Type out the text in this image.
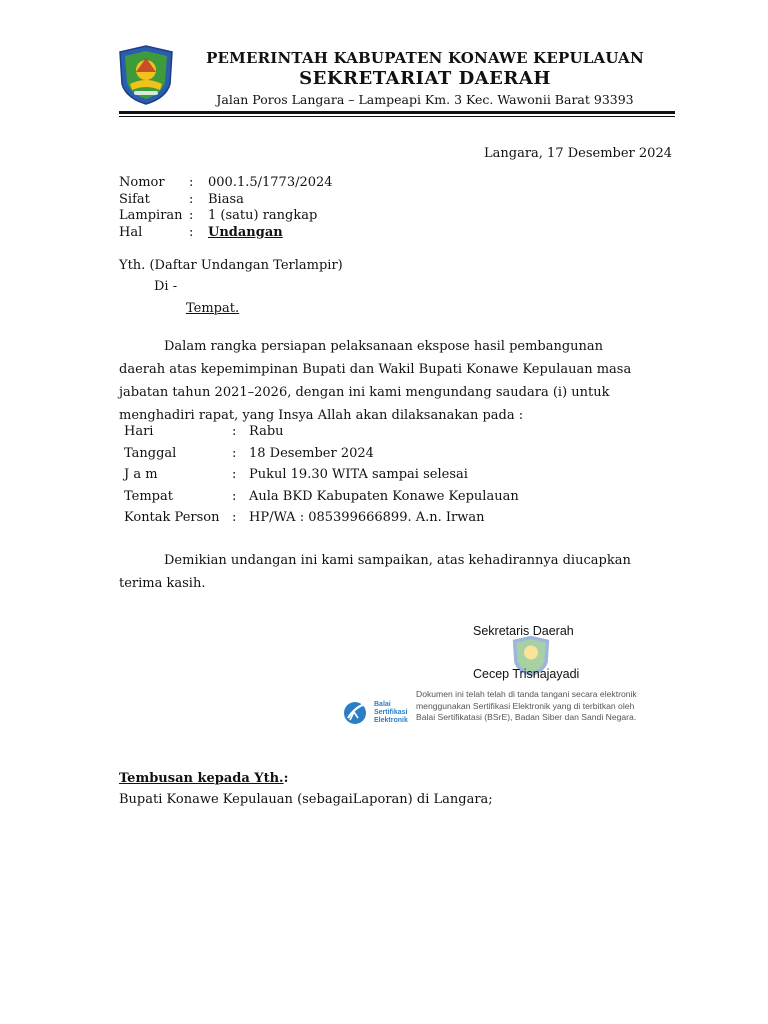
PEMERINTAH KABUPATEN KONAWE KEPULAUAN
SEKRETARIAT DAERAH
Jalan Poros Langara – Lampeapi Km. 3 Kec. Wawonii Barat 93393
Langara, 17 Desember 2024
Nomor	:	000.1.5/1773/2024
Sifat	:	Biasa
Lampiran :	1 (satu) rangkap
Hal	:	Undangan
Yth. (Daftar Undangan Terlampir)
Di -
Tempat.
Dalam rangka persiapan pelaksanaan ekspose hasil pembangunan
daerah atas kepemimpinan Bupati dan Wakil Bupati Konawe Kepulauan masa
jabatan tahun 2021–2026, dengan ini kami mengundang saudara (i) untuk
menghadiri rapat, yang Insya Allah akan dilaksanakan pada :
Hari	: Rabu
Tanggal	: 18 Desember 2024
J a m	: Pukul 19.30 WITA sampai selesai
Tempat	: Aula BKD Kabupaten Konawe Kepulauan
Kontak Person : HP/WA : 085399666899. A.n. Irwan
Demikian undangan ini kami sampaikan, atas kehadirannya diucapkan
terima kasih.
Sekretaris Daerah
Cecep Trisnajayadi
Balai
Sertifikasi
Elektronik
Dokumen ini telah telah di tanda tangani secara elektronik
menggunakan Sertifikasi Elektronik yang di terbitkan oleh
Balai Sertifikatasi (BSrE), Badan Siber dan Sandi Negara.
Tembusan kepada Yth.:
Bupati Konawe Kepulauan (sebagaiLaporan) di Langara;
